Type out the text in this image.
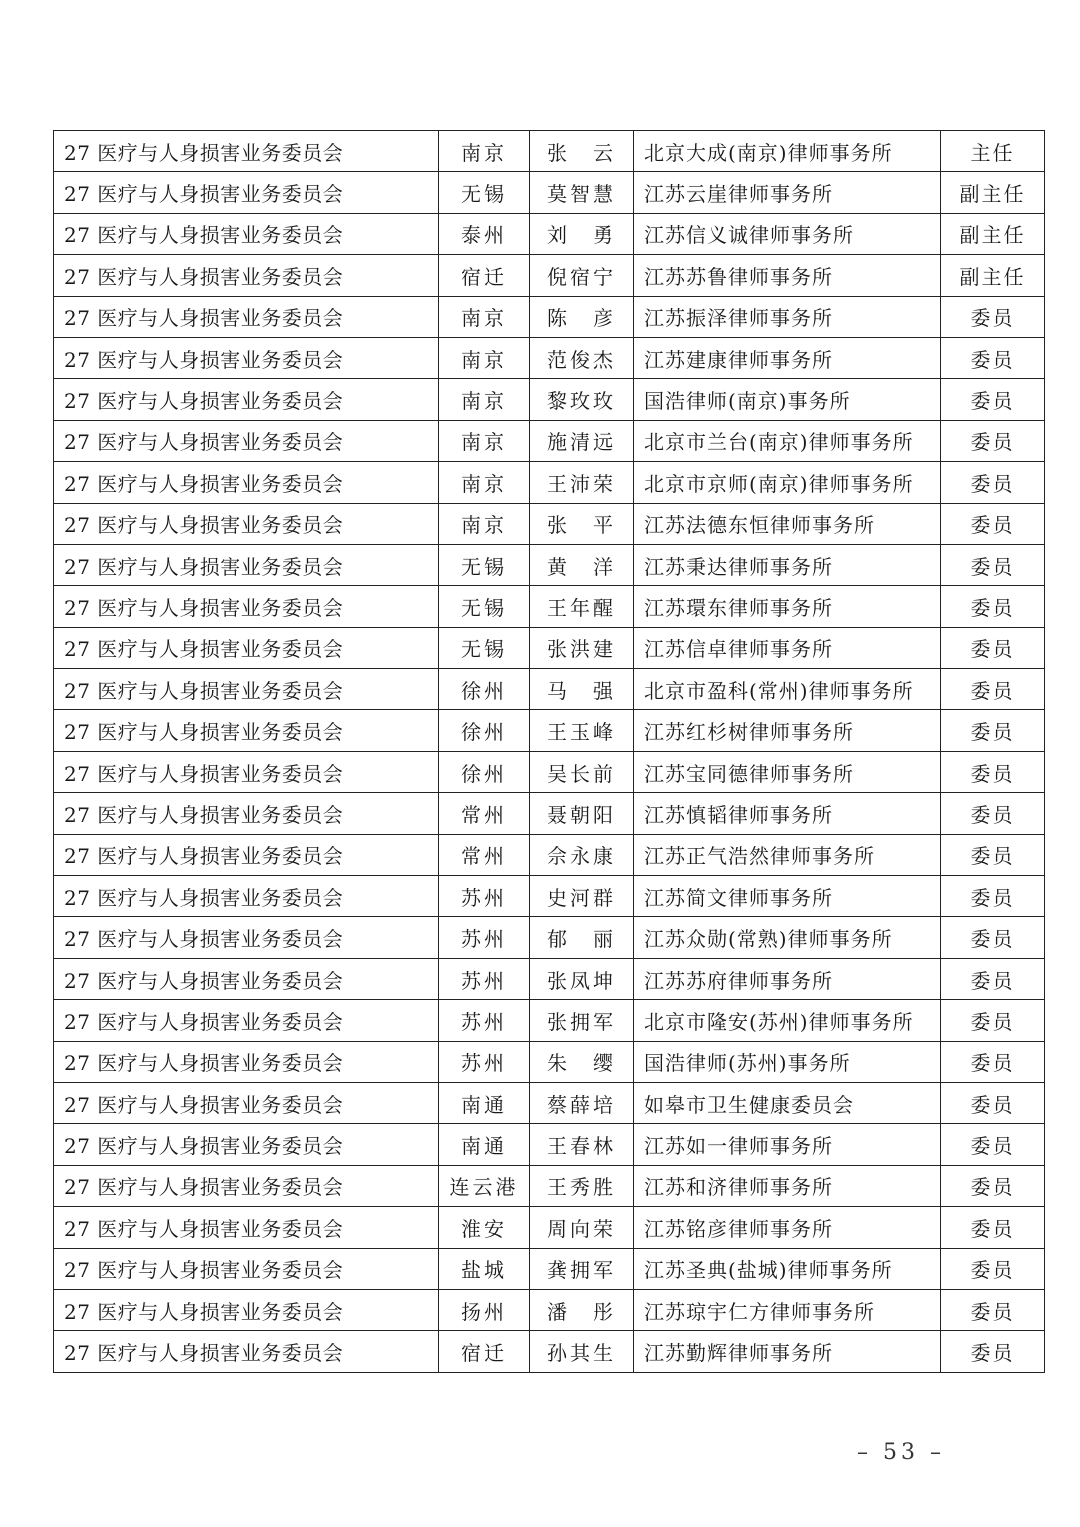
27 医疗与人身损害业务委员会	南京	张　云	北京大成(南京)律师事务所	主任
27 医疗与人身损害业务委员会	无锡	莫智慧	江苏云崖律师事务所	副主任
27 医疗与人身损害业务委员会	泰州	刘　勇	江苏信义诚律师事务所	副主任
27 医疗与人身损害业务委员会	宿迁	倪宿宁	江苏苏鲁律师事务所	副主任
27 医疗与人身损害业务委员会	南京	陈　彦	江苏振泽律师事务所	委员
27 医疗与人身损害业务委员会	南京	范俊杰	江苏建康律师事务所	委员
27 医疗与人身损害业务委员会	南京	黎玫玫	国浩律师(南京)事务所	委员
27 医疗与人身损害业务委员会	南京	施清远	北京市兰台(南京)律师事务所	委员
27 医疗与人身损害业务委员会	南京	王沛荣	北京市京师(南京)律师事务所	委员
27 医疗与人身损害业务委员会	南京	张　平	江苏法德东恒律师事务所	委员
27 医疗与人身损害业务委员会	无锡	黄　洋	江苏秉达律师事务所	委员
27 医疗与人身损害业务委员会	无锡	王年醒	江苏環东律师事务所	委员
27 医疗与人身损害业务委员会	无锡	张洪建	江苏信卓律师事务所	委员
27 医疗与人身损害业务委员会	徐州	马　强	北京市盈科(常州)律师事务所	委员
27 医疗与人身损害业务委员会	徐州	王玉峰	江苏红杉树律师事务所	委员
27 医疗与人身损害业务委员会	徐州	吴长前	江苏宝同德律师事务所	委员
27 医疗与人身损害业务委员会	常州	聂朝阳	江苏慎韬律师事务所	委员
27 医疗与人身损害业务委员会	常州	佘永康	江苏正气浩然律师事务所	委员
27 医疗与人身损害业务委员会	苏州	史河群	江苏简文律师事务所	委员
27 医疗与人身损害业务委员会	苏州	郁　丽	江苏众勋(常熟)律师事务所	委员
27 医疗与人身损害业务委员会	苏州	张凤坤	江苏苏府律师事务所	委员
27 医疗与人身损害业务委员会	苏州	张拥军	北京市隆安(苏州)律师事务所	委员
27 医疗与人身损害业务委员会	苏州	朱　缨	国浩律师(苏州)事务所	委员
27 医疗与人身损害业务委员会	南通	蔡薛培	如皋市卫生健康委员会	委员
27 医疗与人身损害业务委员会	南通	王春林	江苏如一律师事务所	委员
27 医疗与人身损害业务委员会	连云港	王秀胜	江苏和济律师事务所	委员
27 医疗与人身损害业务委员会	淮安	周向荣	江苏铭彦律师事务所	委员
27 医疗与人身损害业务委员会	盐城	龚拥军	江苏圣典(盐城)律师事务所	委员
27 医疗与人身损害业务委员会	扬州	潘　彤	江苏琼宇仁方律师事务所	委员
27 医疗与人身损害业务委员会	宿迁	孙其生	江苏勤辉律师事务所	委员
– 53 –
